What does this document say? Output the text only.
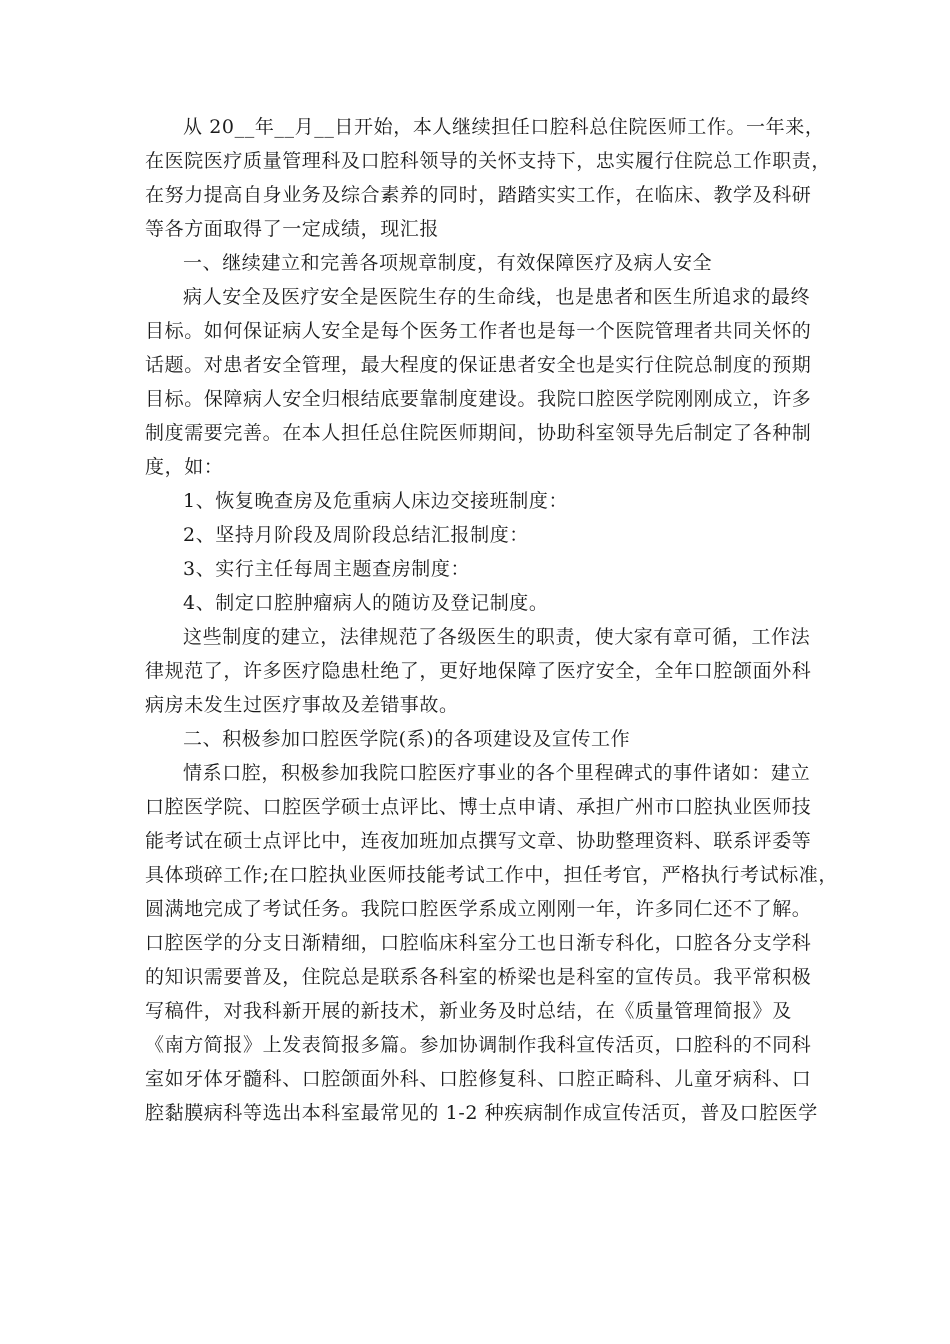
从 20__年__月__日开始，本人继续担任口腔科总住院医师工作。一年来，
在医院医疗质量管理科及口腔科领导的关怀支持下，忠实履行住院总工作职责，
在努力提高自身业务及综合素养的同时，踏踏实实工作，在临床、教学及科研
等各方面取得了一定成绩，现汇报
一、继续建立和完善各项规章制度，有效保障医疗及病人安全
病人安全及医疗安全是医院生存的生命线，也是患者和医生所追求的最终
目标。如何保证病人安全是每个医务工作者也是每一个医院管理者共同关怀的
话题。对患者安全管理，最大程度的保证患者安全也是实行住院总制度的预期
目标。保障病人安全归根结底要靠制度建设。我院口腔医学院刚刚成立，许多
制度需要完善。在本人担任总住院医师期间，协助科室领导先后制定了各种制
度，如：
1、恢复晚查房及危重病人床边交接班制度：
2、坚持月阶段及周阶段总结汇报制度：
3、实行主任每周主题查房制度：
4、制定口腔肿瘤病人的随访及登记制度。
这些制度的建立，法律规范了各级医生的职责，使大家有章可循，工作法
律规范了，许多医疗隐患杜绝了，更好地保障了医疗安全，全年口腔颌面外科
病房未发生过医疗事故及差错事故。
二、积极参加口腔医学院(系)的各项建设及宣传工作
情系口腔，积极参加我院口腔医疗事业的各个里程碑式的事件诸如：建立
口腔医学院、口腔医学硕士点评比、博士点申请、承担广州市口腔执业医师技
能考试在硕士点评比中，连夜加班加点撰写文章、协助整理资料、联系评委等
具体琐碎工作;在口腔执业医师技能考试工作中，担任考官，严格执行考试标准，
圆满地完成了考试任务。我院口腔医学系成立刚刚一年，许多同仁还不了解。
口腔医学的分支日渐精细，口腔临床科室分工也日渐专科化，口腔各分支学科
的知识需要普及，住院总是联系各科室的桥梁也是科室的宣传员。我平常积极
写稿件，对我科新开展的新技术，新业务及时总结，在《质量管理简报》及
《南方简报》上发表简报多篇。参加协调制作我科宣传活页，口腔科的不同科
室如牙体牙髓科、口腔颌面外科、口腔修复科、口腔正畸科、儿童牙病科、口
腔黏膜病科等选出本科室最常见的 1-2 种疾病制作成宣传活页，普及口腔医学
